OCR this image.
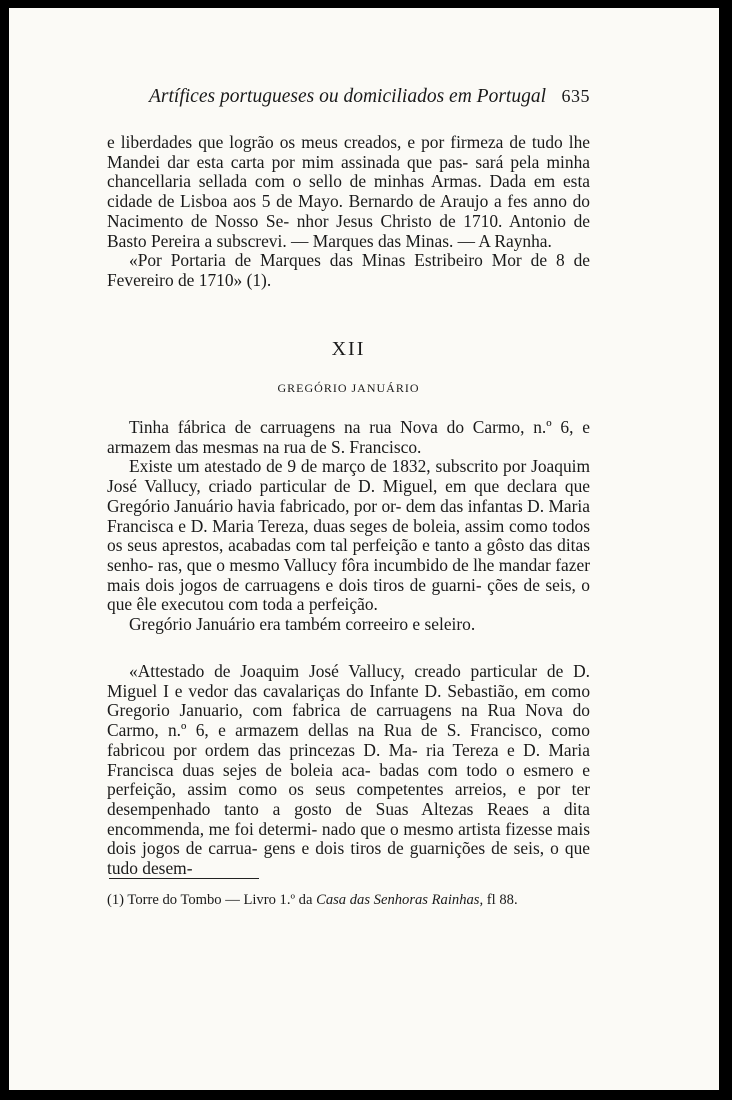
Artífices portugueses ou domiciliados em Portugal 635

e liberdades que logrão os meus creados, e por firmeza de tudo lhe Mandei dar esta carta por mim assinada que pas- sará pela minha chancellaria sellada com o sello de minhas Armas. Dada em esta cidade de Lisboa aos 5 de Mayo. Bernardo de Araujo a fes anno do Nacimento de Nosso Se- nhor Jesus Christo de 1710. Antonio de Basto Pereira a subscrevi. — Marques das Minas. — A Raynha.

«Por Portaria de Marques das Minas Estribeiro Mor de 8 de Fevereiro de 1710» (1).

XII
GREGÓRIO JANUÁRIO

Tinha fábrica de carruagens na rua Nova do Carmo, n.º 6, e armazem das mesmas na rua de S. Francisco.

Existe um atestado de 9 de março de 1832, subscrito por Joaquim José Vallucy, criado particular de D. Miguel, em que declara que Gregório Januário havia fabricado, por or- dem das infantas D. Maria Francisca e D. Maria Tereza, duas seges de boleia, assim como todos os seus aprestos, acabadas com tal perfeição e tanto a gôsto das ditas senho- ras, que o mesmo Vallucy fôra incumbido de lhe mandar fazer mais dois jogos de carruagens e dois tiros de guarni- ções de seis, o que êle executou com toda a perfeição.

Gregório Januário era também correeiro e seleiro.

«Attestado de Joaquim José Vallucy, creado particular de D. Miguel I e vedor das cavalariças do Infante D. Sebastião, em como Gregorio Januario, com fabrica de carruagens na Rua Nova do Carmo, n.º 6, e armazem dellas na Rua de S. Francisco, como fabricou por ordem das princezas D. Ma- ria Tereza e D. Maria Francisca duas sejes de boleia aca- badas com todo o esmero e perfeição, assim como os seus competentes arreios, e por ter desempenhado tanto a gosto de Suas Altezas Reaes a dita encommenda, me foi determi- nado que o mesmo artista fizesse mais dois jogos de carrua- gens e dois tiros de guarnições de seis, o que tudo desem-

(1) Torre do Tombo — Livro 1.º da Casa das Senhoras Rainhas, fl 88.
